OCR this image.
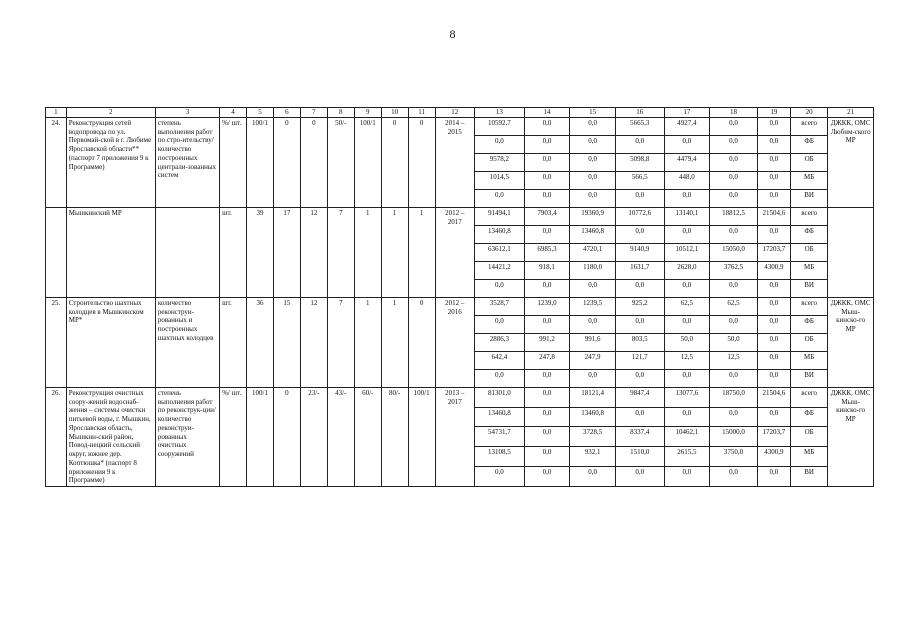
8
1	2	3	4	5	6	7	8	9	10	11	12	13	14	15	16	17	18	19	20	21
24.	Реконструкция сетей водопровода по ул. Первомай-ской в г. Любиме Ярославской области** (паспорт 7 приложения 9 к Программе)	степень выполнения работ по стро-ительству/ количество построенных централи-зованных систем	%/ шт.	100/1	0	0	50/-	100/1	0	0	2014 – 2015	10592,7	0,0	0,0	5665,3	4927,4	0,0	0,0	всего	ДЖКК, ОМС Любим-ского МР
												0,0	0,0	0,0	0,0	0,0	0,0	0,0	ФБ	
												9578,2	0,0	0,0	5098,8	4479,4	0,0	0,0	ОБ	
												1014,5	0,0	0,0	566,5	448,0	0,0	0,0	МБ	
												0,0	0,0	0,0	0,0	0,0	0,0	0,0	ВИ	
	Мышкинский МР		шт.	39	17	12	7	1	1	1	2012 – 2017	91494,1	7903,4	19360,9	10772,6	13140,1	18812,5	21504,6	всего	
												13460,8	0,0	13460,8	0,0	0,0	0,0	0,0	ФБ	
												63612,1	6985,3	4720,1	9140,9	10512,1	15050,0	17203,7	ОБ	
												14421,2	918,1	1180,0	1631,7	2628,0	3762,5	4300,9	МБ	
												0,0	0,0	0,0	0,0	0,0	0,0	0,0	ВИ	
25.	Строительство шахтных колодцев в Мышкинском МР*	количество реконструи-рованных и построенных шахтных колодцев	шт.	36	15	12	7	1	1	0	2012 – 2016	3528,7	1239,0	1239,5	925,2	62,5	62,5	0,0	всего	ДЖКК, ОМС Мыш-кинско-го МР
												0,0	0,0	0,0	0,0	0,0	0,0	0,0	ФБ	
												2886,3	991,2	991,6	803,5	50,0	50,0	0,0	ОБ	
												642,4	247,8	247,9	121,7	12,5	12,5	0,0	МБ	
												0,0	0,0	0,0	0,0	0,0	0,0	0,0	ВИ	
26.	Реконструкция очистных соору-жений водоснаб-жения – системы очистки питьевой воды, г. Мышкин, Ярославская область, Мышкин-ский район, Повод-нецкий сельский округ, южнее дер. Коптюшка* (паспорт 8 приложения 9 к Программе)	степень выполнения работ по реконструк-ции/ количество реконструи-рованных очистных сооружений	%/ шт.	100/1	0	23/-	43/-	60/-	80/-	100/1	2013 – 2017	81301,0	0,0	18121,4	9847,4	13077,6	18750,0	21504,6	всего	ДЖКК, ОМС Мыш-кинско-го МР
												13460,8	0,0	13460,8	0,0	0,0	0,0	0,0	ФБ	
												54731,7	0,0	3728,5	8337,4	10462,1	15000,0	17203,7	ОБ	
												13108,5	0,0	932,1	1510,0	2615,5	3750,0	4300,9	МБ	
												0,0	0,0	0,0	0,0	0,0	0,0	0,0	ВИ	
